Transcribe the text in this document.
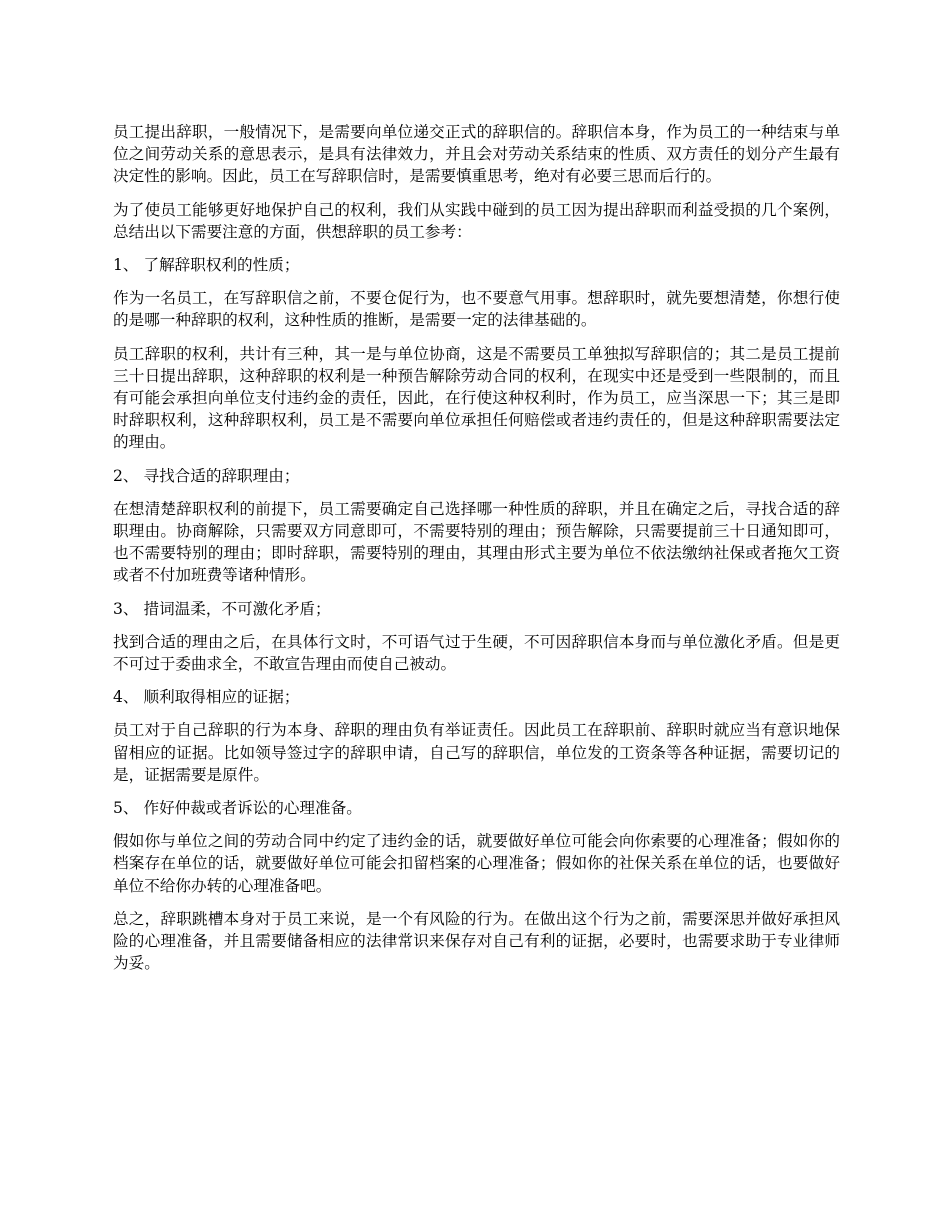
员工提出辞职，一般情况下，是需要向单位递交正式的辞职信的。辞职信本身，作为员工的一种结束与单位之间劳动关系的意思表示，是具有法律效力，并且会对劳动关系结束的性质、双方责任的划分产生最有决定性的影响。因此，员工在写辞职信时，是需要慎重思考，绝对有必要三思而后行的。

为了使员工能够更好地保护自己的权利，我们从实践中碰到的员工因为提出辞职而利益受损的几个案例，总结出以下需要注意的方面，供想辞职的员工参考：

1、 了解辞职权利的性质；

作为一名员工，在写辞职信之前，不要仓促行为，也不要意气用事。想辞职时，就先要想清楚，你想行使的是哪一种辞职的权利，这种性质的推断，是需要一定的法律基础的。

员工辞职的权利，共计有三种，其一是与单位协商，这是不需要员工单独拟写辞职信的；其二是员工提前三十日提出辞职，这种辞职的权利是一种预告解除劳动合同的权利，在现实中还是受到一些限制的，而且有可能会承担向单位支付违约金的责任，因此，在行使这种权利时，作为员工，应当深思一下；其三是即时辞职权利，这种辞职权利，员工是不需要向单位承担任何赔偿或者违约责任的，但是这种辞职需要法定的理由。

2、 寻找合适的辞职理由；

在想清楚辞职权利的前提下，员工需要确定自己选择哪一种性质的辞职，并且在确定之后，寻找合适的辞职理由。协商解除，只需要双方同意即可，不需要特别的理由；预告解除，只需要提前三十日通知即可，也不需要特别的理由；即时辞职，需要特别的理由，其理由形式主要为单位不依法缴纳社保或者拖欠工资或者不付加班费等诸种情形。

3、 措词温柔，不可激化矛盾；

找到合适的理由之后，在具体行文时，不可语气过于生硬，不可因辞职信本身而与单位激化矛盾。但是更不可过于委曲求全，不敢宣告理由而使自己被动。

4、 顺利取得相应的证据；

员工对于自己辞职的行为本身、辞职的理由负有举证责任。因此员工在辞职前、辞职时就应当有意识地保留相应的证据。比如领导签过字的辞职申请，自己写的辞职信，单位发的工资条等各种证据，需要切记的是，证据需要是原件。

5、 作好仲裁或者诉讼的心理准备。

假如你与单位之间的劳动合同中约定了违约金的话，就要做好单位可能会向你索要的心理准备；假如你的档案存在单位的话，就要做好单位可能会扣留档案的心理准备；假如你的社保关系在单位的话，也要做好单位不给你办转的心理准备吧。

总之，辞职跳槽本身对于员工来说，是一个有风险的行为。在做出这个行为之前，需要深思并做好承担风险的心理准备，并且需要储备相应的法律常识来保存对自己有利的证据，必要时，也需要求助于专业律师为妥。
